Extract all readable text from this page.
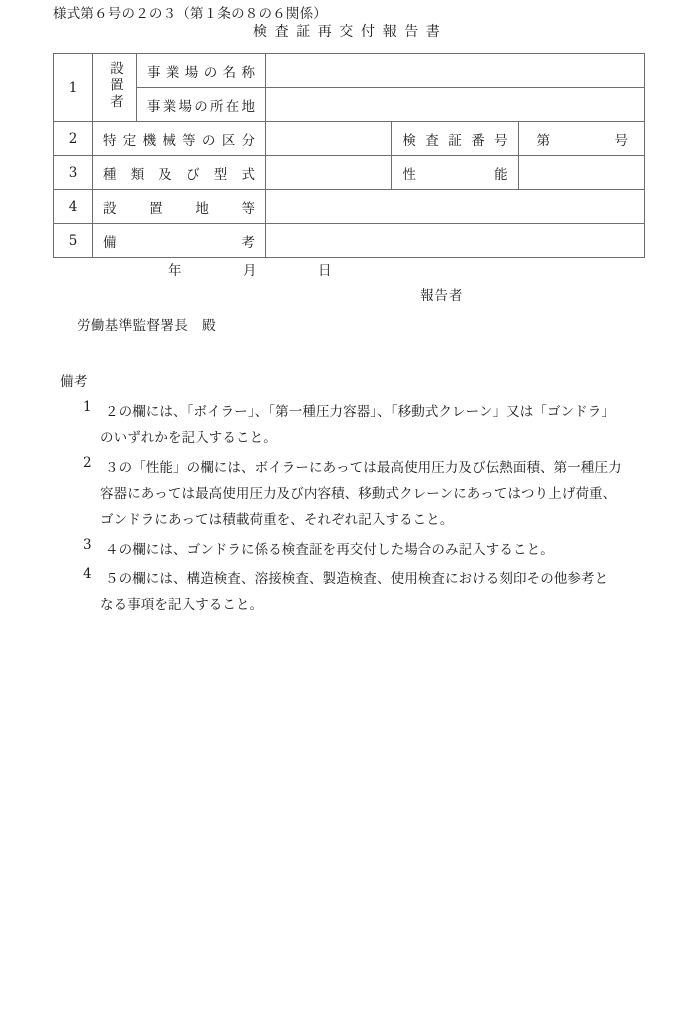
様式第６号の２の３（第１条の８の６関係）
検査証再交付報告書
1	設置者	事業場の名称			

		事業場の所在地			

2	特定機械等の区分			検査証番号	第 号

3	種類及び型式			性能	

4	設置地等				

5	備考				

年　月　日
報告者
労働基準監督署長　殿
備考
1 ２の欄には、「ボイラー」、「第一種圧力容器」、「移動式クレーン」又は「ゴンドラ」

のいずれかを記入すること。

2 ３の「性能」の欄には、ボイラーにあっては最高使用圧力及び伝熱面積、第一種圧力

容器にあっては最高使用圧力及び内容積、移動式クレーンにあってはつり上げ荷重、

ゴンドラにあっては積載荷重を、それぞれ記入すること。

3 ４の欄には、ゴンドラに係る検査証を再交付した場合のみ記入すること。

4 ５の欄には、構造検査、溶接検査、製造検査、使用検査における刻印その他参考と

なる事項を記入すること。
